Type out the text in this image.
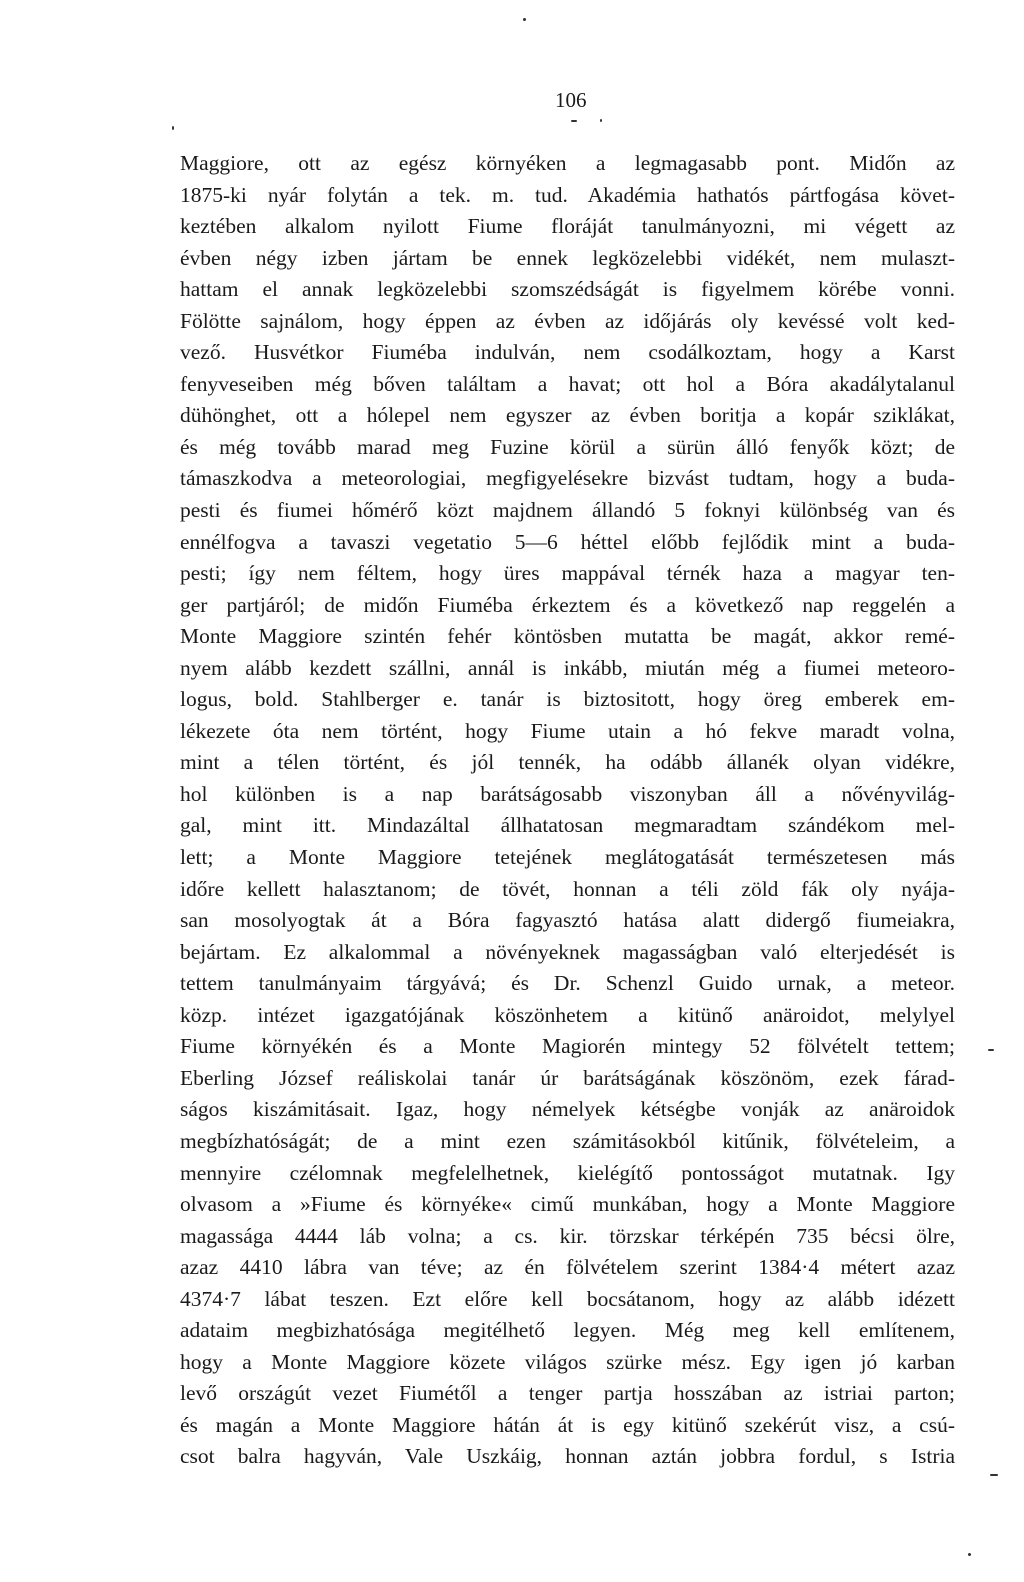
106
Maggiore, ott az egész környéken a legmagasabb pont. Midőn az
1875-ki nyár folytán a tek. m. tud. Akadémia hathatós pártfogása követ-
keztében alkalom nyilott Fiume floráját tanulmányozni, mi végett az
évben négy izben jártam be ennek legközelebbi vidékét, nem mulaszt-
hattam el annak legközelebbi szomszédságát is figyelmem körébe vonni.
Fölötte sajnálom, hogy éppen az évben az időjárás oly kevéssé volt ked-
vező. Husvétkor Fiuméba indulván, nem csodálkoztam, hogy a Karst
fenyveseiben még bőven találtam a havat; ott hol a Bóra akadálytalanul
dühönghet, ott a hólepel nem egyszer az évben boritja a kopár sziklákat,
és még tovább marad meg Fuzine körül a sürün álló fenyők közt; de
támaszkodva a meteorologiai, megfigyelésekre bizvást tudtam, hogy a buda-
pesti és fiumei hőmérő közt majdnem állandó 5 foknyi különbség van és
ennélfogva a tavaszi vegetatio 5—6 héttel előbb fejlődik mint a buda-
pesti; így nem féltem, hogy üres mappával térnék haza a magyar ten-
ger partjáról; de midőn Fiuméba érkeztem és a következő nap reggelén a
Monte Maggiore szintén fehér köntösben mutatta be magát, akkor remé-
nyem alább kezdett szállni, annál is inkább, miután még a fiumei meteoro-
logus, bold. Stahlberger e. tanár is biztositott, hogy öreg emberek em-
lékezete óta nem történt, hogy Fiume utain a hó fekve maradt volna,
mint a télen történt, és jól tennék, ha odább állanék olyan vidékre,
hol különben is a nap barátságosabb viszonyban áll a nővényvilág-
gal, mint itt. Mindazáltal állhatatosan megmaradtam szándékom mel-
lett; a Monte Maggiore tetejének meglátogatását természetesen más
időre kellett halasztanom; de tövét, honnan a téli zöld fák oly nyája-
san mosolyogtak át a Bóra fagyasztó hatása alatt didergő fiumeiakra,
bejártam. Ez alkalommal a növényeknek magasságban való elterjedését is
tettem tanulmányaim tárgyává; és Dr. Schenzl Guido urnak, a meteor.
közp. intézet igazgatójának köszönhetem a kitünő anäroidot, melylyel
Fiume környékén és a Monte Magiorén mintegy 52 fölvételt tettem;
Eberling József reáliskolai tanár úr barátságának köszönöm, ezek fárad-
ságos kiszámitásait. Igaz, hogy némelyek kétségbe vonják az anäroidok
megbízhatóságát; de a mint ezen számitásokból kitűnik, fölvételeim, a
mennyire czélomnak megfelelhetnek, kielégítő pontosságot mutatnak. Igy
olvasom a »Fiume és környéke« cimű munkában, hogy a Monte Maggiore
magassága 4444 láb volna; a cs. kir. törzskar térképén 735 bécsi ölre,
azaz 4410 lábra van téve; az én fölvételem szerint 1384·4 métert azaz
4374·7 lábat teszen. Ezt előre kell bocsátanom, hogy az alább idézett
adataim megbizhatósága megitélhető legyen. Még meg kell említenem,
hogy a Monte Maggiore közete világos szürke mész. Egy igen jó karban
levő országút vezet Fiumétől a tenger partja hosszában az istriai parton;
és magán a Monte Maggiore hátán át is egy kitünő szekérút visz, a csú-
csot balra hagyván, Vale Uszkáig, honnan aztán jobbra fordul, s Istria
